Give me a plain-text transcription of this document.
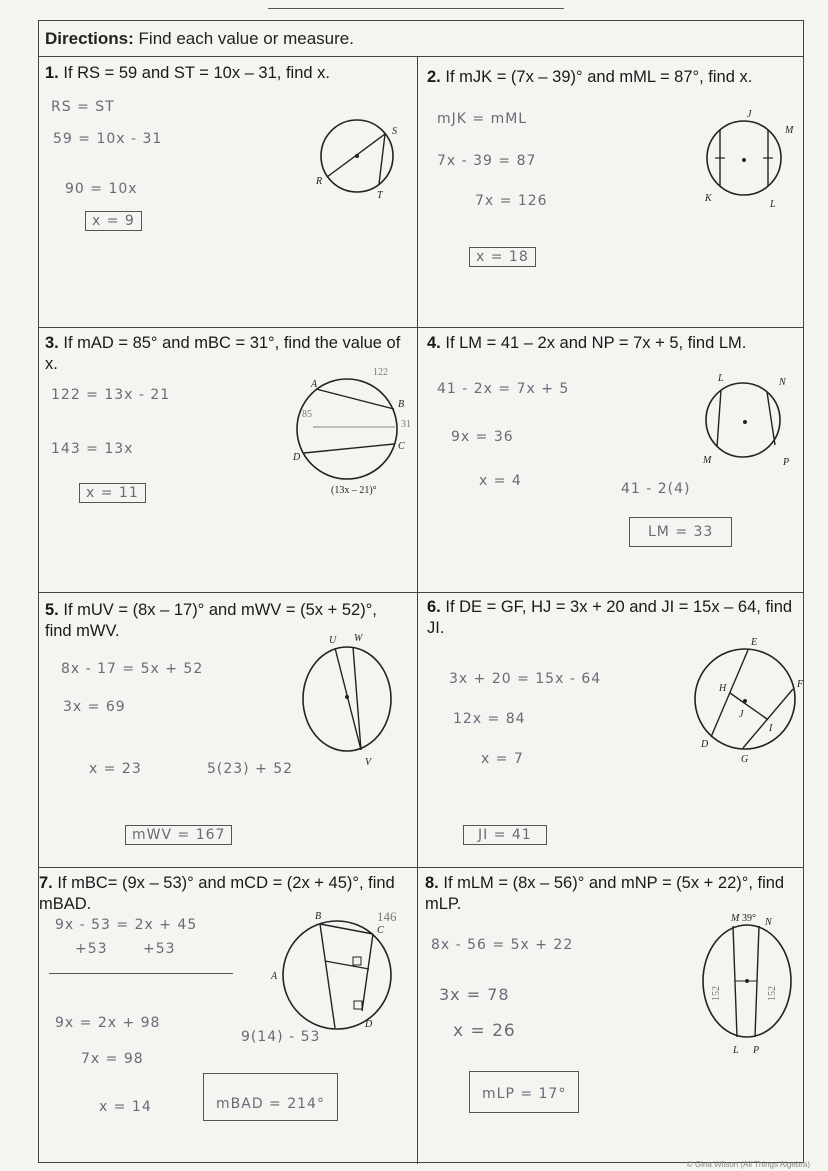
Directions: Find each value or measure.
1. If RS = 59 and ST = 10x – 31, find x.
S
R
T
RS = ST
59 = 10x - 31
90 = 10x
x = 9
2. If mJK = (7x – 39)° and mML = 87°, find x.
J
M
K
L
mJK = mML
7x - 39 = 87
7x = 126
x = 18
3. If mAD = 85° and mBC = 31°, find the value of x.
A
B
C
D
(13x – 21)°
85
31
122
122 = 13x - 21
143 = 13x
x = 11
4. If LM = 41 – 2x and NP = 7x + 5, find LM.
L	N
M	P
41 - 2x = 7x + 5
9x = 36
x = 4	41 - 2(4)
LM = 33
5. If mUV = (8x – 17)° and mWV = (5x + 52)°, find mWV.
U W
V
8x - 17 = 5x + 52
3x = 69
x = 23	5(23) + 52
mWV = 167
6. If DE = GF, HJ = 3x + 20 and JI = 15x – 64, find JI.
E
H	F
J
I
D
G
3x + 20 = 15x - 64
12x = 84
x = 7
JI = 41
7. If mBC= (9x – 53)° and mCD = (2x + 45)°, find mBAD.
B
C
A
D
146
9x - 53 = 2x + 45
+53 +53
9x = 2x + 98
7x = 98
x = 14
9(14) - 53
mBAD = 214°
8. If mLM = (8x – 56)° and mNP = (5x + 22)°, find mLP.
M 39° N
L P
152	152
8x - 56 = 5x + 22
3x = 78
x = 26
mLP = 17°
© Gina Wilson (All Things Algebra)
